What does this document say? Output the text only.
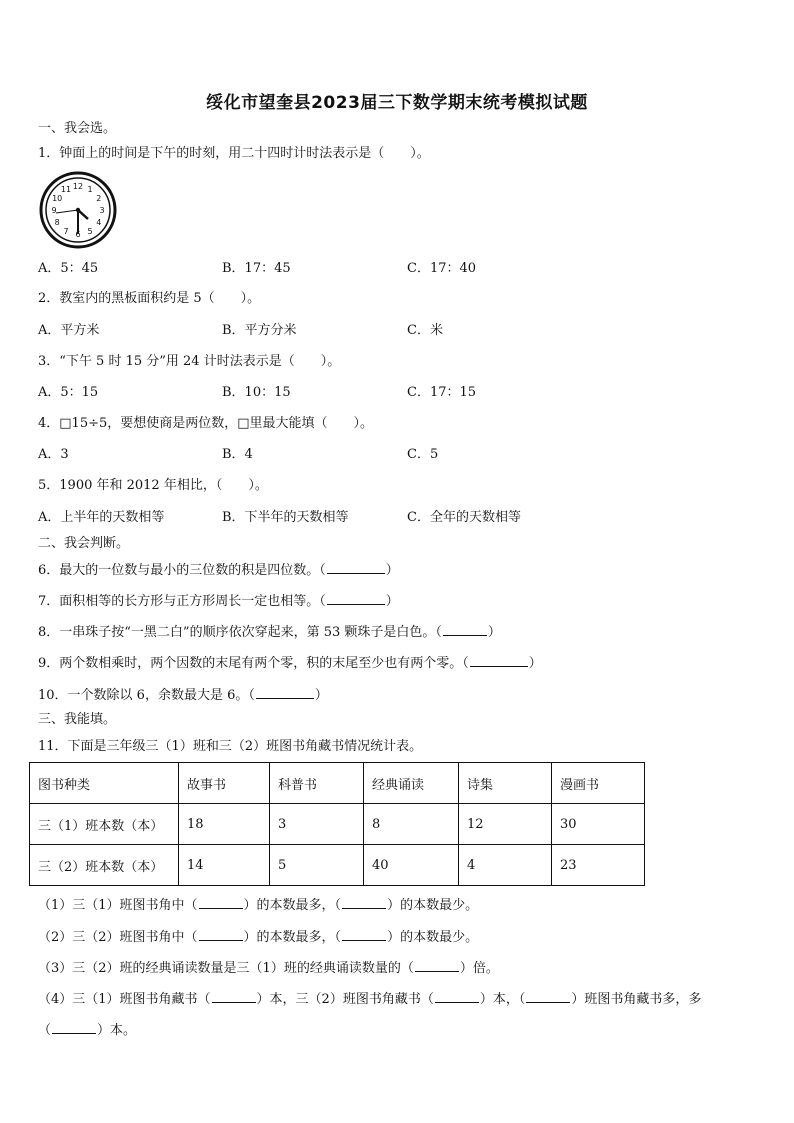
绥化市望奎县2023届三下数学期末统考模拟试题
一、我会选。
1．钟面上的时间是下午的时刻，用二十四时计时法表示是（　　）。
12 1
2
3
4
5
6
7
8
9
10
11
A．5：45	B．17：45	C．17：40
2．教室内的黑板面积约是 5（　　）。
A．平方米	B．平方分米	C．米
3．“下午 5 时 15 分”用 24 计时法表示是（　　）。
A．5：15	B．10：15	C．17：15
4．□15÷5，要想使商是两位数，□里最大能填（　　）。
A．3	B．4	C．5
5．1900 年和 2012 年相比，（　　）。
A．上半年的天数相等	B．下半年的天数相等	C．全年的天数相等
二、我会判断。
6．最大的一位数与最小的三位数的积是四位数。（	）
7．面积相等的长方形与正方形周长一定也相等。（	）
8．一串珠子按“一黑二白”的顺序依次穿起来，第 53 颗珠子是白色。（	）
9．两个数相乘时，两个因数的末尾有两个零，积的末尾至少也有两个零。（	）
10．一个数除以 6，余数最大是 6。（	）
三、我能填。
11．下面是三年级三（1）班和三（2）班图书角藏书情况统计表。
图书种类	故事书	科普书	经典诵读	诗集	漫画书
三（1）班本数（本）	18	3	8	12	30
三（2）班本数（本）	14	5	40	4	23
（1）三（1）班图书角中（	）的本数最多，（	）的本数最少。
（2）三（2）班图书角中（	）的本数最多，（	）的本数最少。
（3）三（2）班的经典诵读数量是三（1）班的经典诵读数量的（	）倍。
（4）三（1）班图书角藏书（	）本，三（2）班图书角藏书（	）本，（	）班图书角藏书多，多
（	）本。
